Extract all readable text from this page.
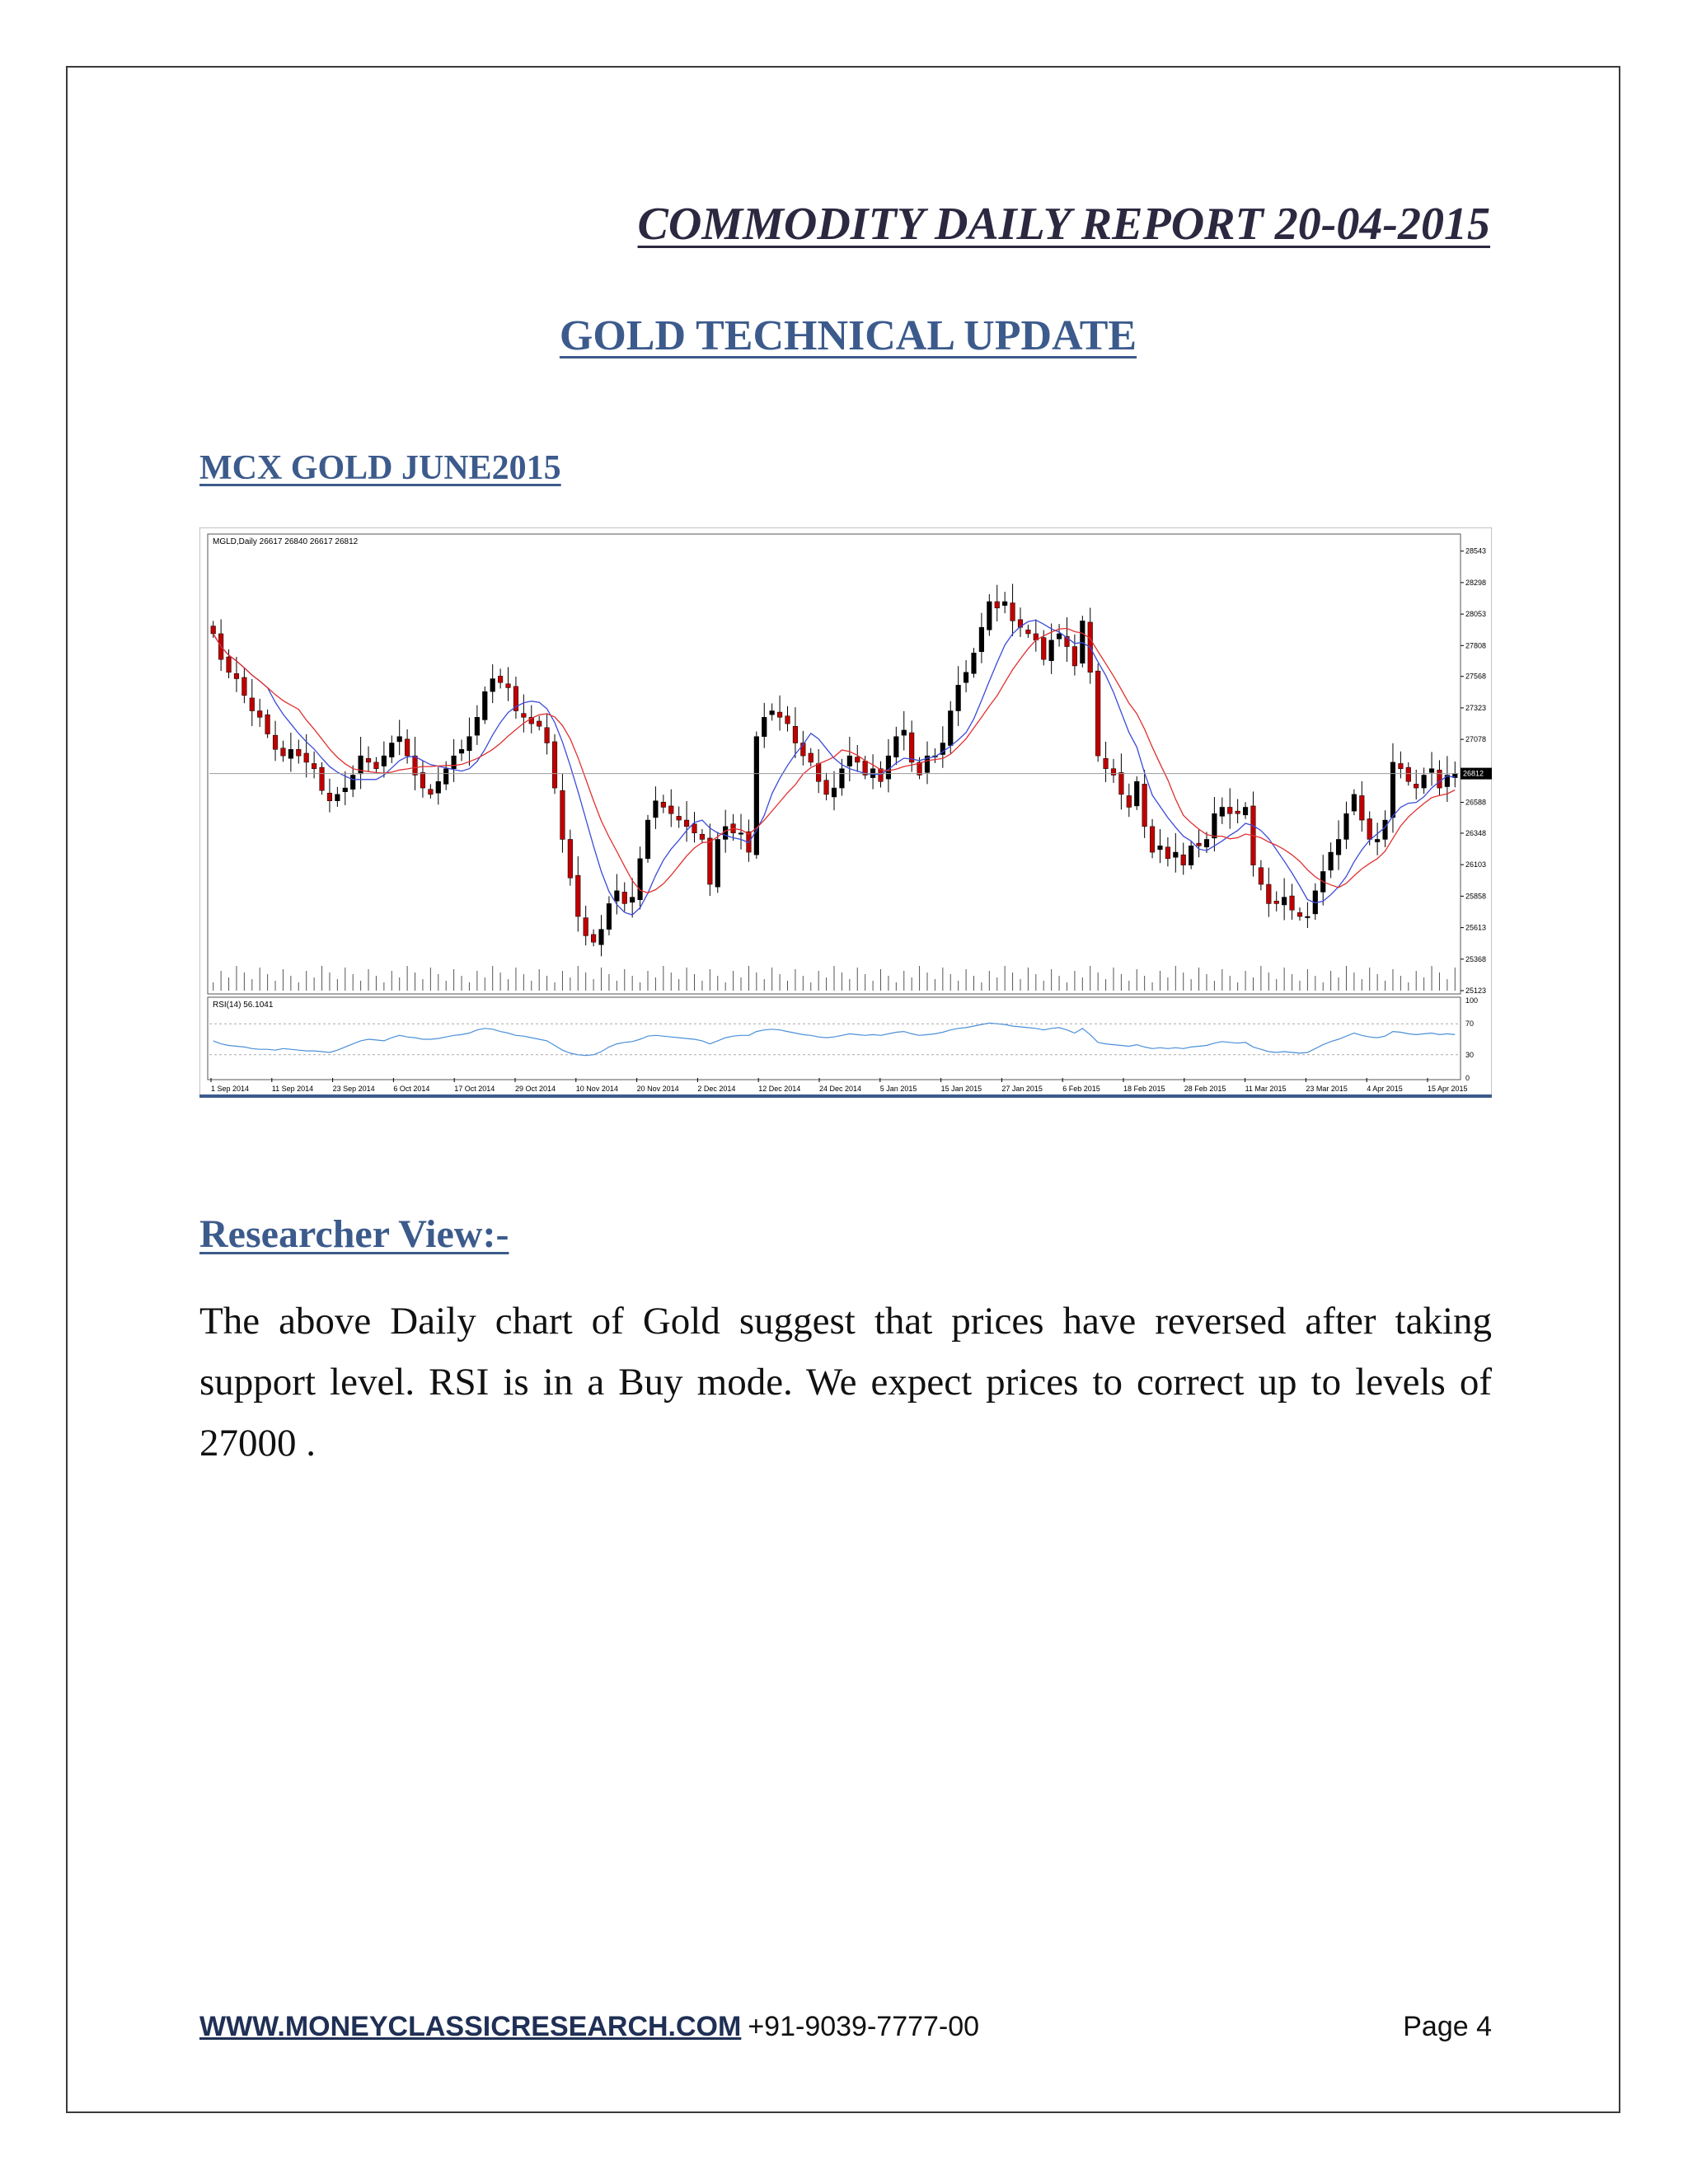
COMMODITY DAILY REPORT 20-04-2015
GOLD TECHNICAL UPDATE
MCX GOLD JUNE2015
MGLD,Daily 26617 26840 26617 26812
RSI(14) 56.1041
28543
28298
28053
27808
27568
27323
27078
26588
26348
26103
25858
25613
25368
25123
100
70
30
0
1 Sep 2014	11 Sep 2014	23 Sep 2014	6 Oct 2014	17 Oct 2014	29 Oct 2014	10 Nov 2014	20 Nov 2014	2 Dec 2014	12 Dec 2014	24 Dec 2014	5 Jan 2015	15 Jan 2015	27 Jan 2015	6 Feb 2015	18 Feb 2015	28 Feb 2015	11 Mar 2015	23 Mar 2015	4 Apr 2015	15 Apr 2015
26812
Researcher View:-

The above Daily chart of Gold suggest that prices have reversed after taking support level. RSI is in a Buy mode. We expect prices to correct up to levels of 27000 .

WWW.MONEYCLASSICRESEARCH.COM +91-9039-7777-00	Page 4
